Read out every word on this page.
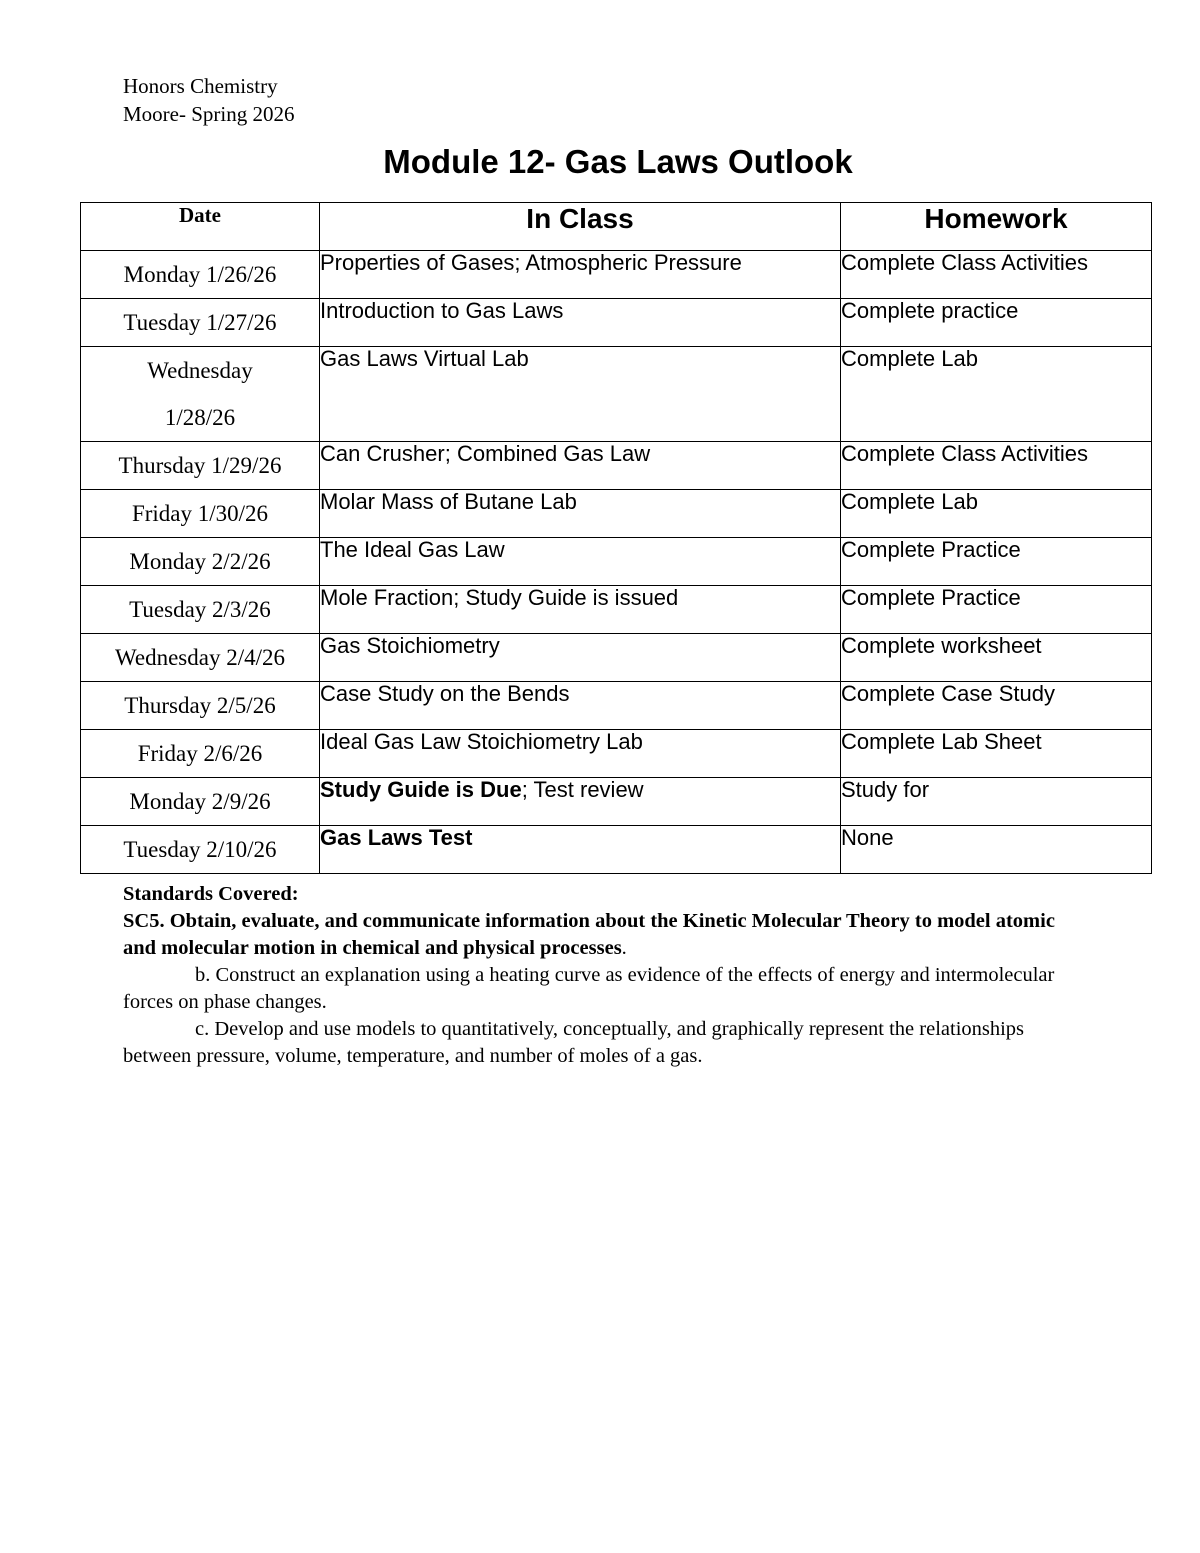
Honors Chemistry
Moore- Spring 2026
Module 12- Gas Laws Outlook
Date	In Class	Homework
Monday 1/26/26	Properties of Gases; Atmospheric Pressure	Complete Class Activities
Tuesday 1/27/26	Introduction to Gas Laws	Complete practice
Wednesday 1/28/26	Gas Laws Virtual Lab	Complete Lab
Thursday 1/29/26	Can Crusher; Combined Gas Law	Complete Class Activities
Friday 1/30/26	Molar Mass of Butane Lab	Complete Lab
Monday 2/2/26	The Ideal Gas Law	Complete Practice
Tuesday 2/3/26	Mole Fraction; Study Guide is issued	Complete Practice
Wednesday 2/4/26	Gas Stoichiometry	Complete worksheet
Thursday 2/5/26	Case Study on the Bends	Complete Case Study
Friday 2/6/26	Ideal Gas Law Stoichiometry Lab	Complete Lab Sheet
Monday 2/9/26	Study Guide is Due; Test review	Study for
Tuesday 2/10/26	Gas Laws Test	None
Standards Covered:
SC5. Obtain, evaluate, and communicate information about the Kinetic Molecular Theory to model atomic and molecular motion in chemical and physical processes.
b. Construct an explanation using a heating curve as evidence of the effects of energy and intermolecular forces on phase changes.
c. Develop and use models to quantitatively, conceptually, and graphically represent the relationships between pressure, volume, temperature, and number of moles of a gas.
